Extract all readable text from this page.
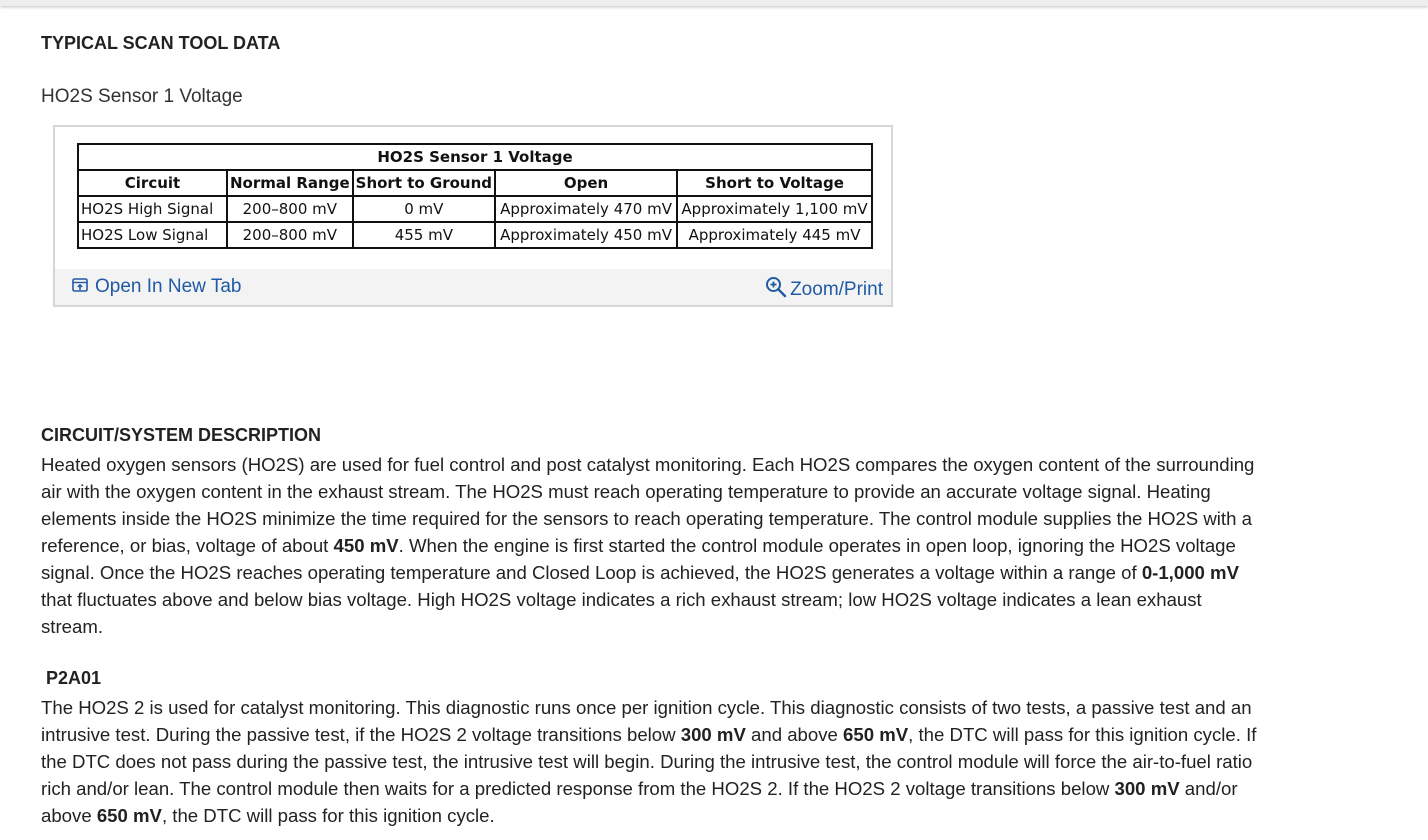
TYPICAL SCAN TOOL DATA
HO2S Sensor 1 Voltage
HO2S Sensor 1 Voltage				
Circuit	Normal Range	Short to Ground	Open	Short to Voltage
HO2S High Signal	200–800 mV	0 mV	Approximately 470 mV	Approximately 1,100 mV
HO2S Low Signal	200–800 mV	455 mV	Approximately 450 mV	Approximately 445 mV
Open In New Tab	Zoom/Print
CIRCUIT/SYSTEM DESCRIPTION

Heated oxygen sensors (HO2S) are used for fuel control and post catalyst monitoring. Each HO2S compares the oxygen content of the surrounding air with the oxygen content in the exhaust stream. The HO2S must reach operating temperature to provide an accurate voltage signal. Heating elements inside the HO2S minimize the time required for the sensors to reach operating temperature. The control module supplies the HO2S with a reference, or bias, voltage of about 450 mV. When the engine is first started the control module operates in open loop, ignoring the HO2S voltage signal. Once the HO2S reaches operating temperature and Closed Loop is achieved, the HO2S generates a voltage within a range of 0-1,000 mV that fluctuates above and below bias voltage. High HO2S voltage indicates a rich exhaust stream; low HO2S voltage indicates a lean exhaust stream.

P2A01

The HO2S 2 is used for catalyst monitoring. This diagnostic runs once per ignition cycle. This diagnostic consists of two tests, a passive test and an intrusive test. During the passive test, if the HO2S 2 voltage transitions below 300 mV and above 650 mV, the DTC will pass for this ignition cycle. If the DTC does not pass during the passive test, the intrusive test will begin. During the intrusive test, the control module will force the air-to-fuel ratio rich and/or lean. The control module then waits for a predicted response from the HO2S 2. If the HO2S 2 voltage transitions below 300 mV and/or above 650 mV, the DTC will pass for this ignition cycle.
